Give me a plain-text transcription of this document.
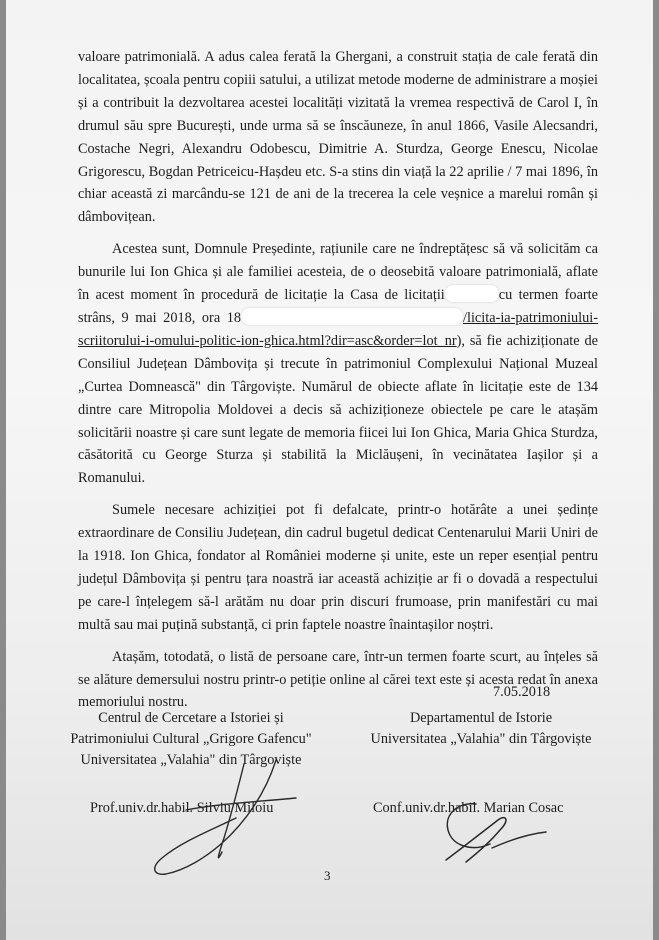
valoare patrimonială. A adus calea ferată la Ghergani, a construit stația de cale ferată din localitatea, școala pentru copiii satului, a utilizat metode moderne de administrare a moșiei și a contribuit la dezvoltarea acestei localități vizitată la vremea respectivă de Carol I, în drumul său spre București, unde urma să se înscăuneze, în anul 1866, Vasile Alecsandri, Costache Negri, Alexandru Odobescu, Dimitrie A. Sturdza, George Enescu, Nicolae Grigorescu, Bogdan Petriceicu-Hașdeu etc. S-a stins din viață la 22 aprilie / 7 mai 1896, în chiar această zi marcându-se 121 de ani de la trecerea la cele veșnice a marelui român și dâmbovițean.

Acestea sunt, Domnule Președinte, rațiunile care ne îndreptățesc să vă solicităm ca bunurile lui Ion Ghica și ale familiei acesteia, de o deosebită valoare patrimonială, aflate în acest moment în procedură de licitație la Casa de licitații	cu termen foarte strâns, 9 mai 2018, ora 18	/licita-ia-patrimoniului-scriitorului-i-omului-politic-ion-ghica.html?dir=asc&order=lot_nr), să fie achiziționate de Consiliul Județean Dâmbovița și trecute în patrimoniul Complexului Național Muzeal „Curtea Domnească" din Târgoviște. Numărul de obiecte aflate în licitație este de 134 dintre care Mitropolia Moldovei a decis să achiziționeze obiectele pe care le atașăm solicitării noastre și care sunt legate de memoria fiicei lui Ion Ghica, Maria Ghica Sturdza, căsătorită cu George Sturza și stabilită la Miclăușeni, în vecinătatea Iașilor și a Romanului.

Sumele necesare achiziției pot fi defalcate, printr-o hotărâte a unei ședințe extraordinare de Consiliu Județean, din cadrul bugetul dedicat Centenarului Marii Uniri de la 1918. Ion Ghica, fondator al României moderne și unite, este un reper esențial pentru județul Dâmbovița și pentru țara noastră iar această achiziție ar fi o dovadă a respectului pe care-l înțelegem să-l arătăm nu doar prin discuri frumoase, prin manifestări cu mai multă sau mai puțină substanță, ci prin faptele noastre înaintașilor noștri.

Atașăm, totodată, o listă de persoane care, într-un termen foarte scurt, au înțeles să se alăture demersului nostru printr-o petiție online al cărei text este și acesta redat în anexa memoriului nostru.

7.05.2018
Centrul de Cercetare a Istoriei și
Patrimoniului Cultural „Grigore Gafencu"
Universitatea „Valahia" din Târgoviște
Departamentul de Istorie
Universitatea „Valahia" din Târgoviște
Prof.univ.dr.habil. Silviu Miloiu	Conf.univ.dr.habil. Marian Cosac
3
